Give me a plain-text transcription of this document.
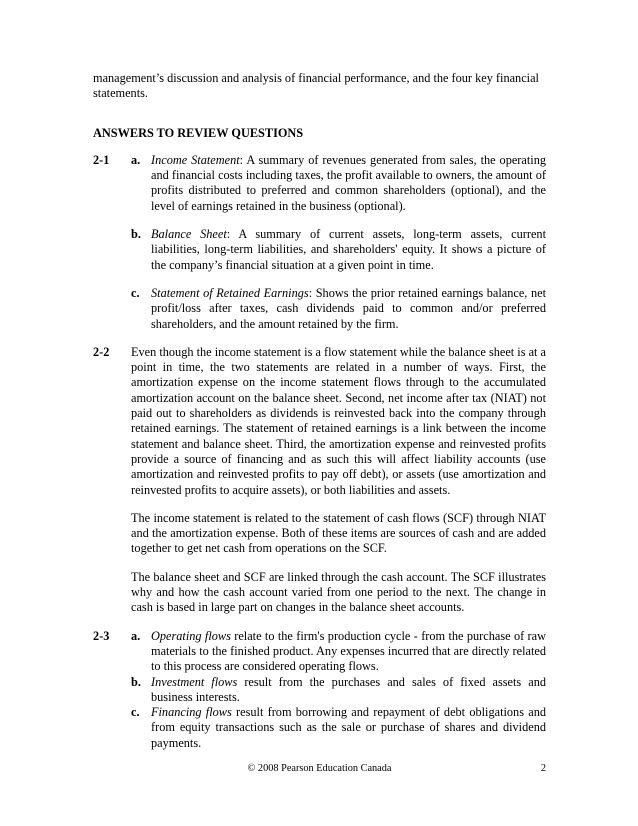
management’s discussion and analysis of financial performance, and the four key financial statements.

ANSWERS TO REVIEW QUESTIONS

2-1	a. Income Statement: A summary of revenues generated from sales, the operating and financial costs including taxes, the profit available to owners, the amount of profits distributed to preferred and common shareholders (optional), and the level of earnings retained in the business (optional).
b. Balance Sheet: A summary of current assets, long-term assets, current liabilities, long-term liabilities, and shareholders' equity. It shows a picture of the company’s financial situation at a given point in time.
c. Statement of Retained Earnings: Shows the prior retained earnings balance, net profit/loss after taxes, cash dividends paid to common and/or preferred shareholders, and the amount retained by the firm.
2-2	Even though the income statement is a flow statement while the balance sheet is at a point in time, the two statements are related in a number of ways. First, the amortization expense on the income statement flows through to the accumulated amortization account on the balance sheet. Second, net income after tax (NIAT) not paid out to shareholders as dividends is reinvested back into the company through retained earnings. The statement of retained earnings is a link between the income statement and balance sheet. Third, the amortization expense and reinvested profits provide a source of financing and as such this will affect liability accounts (use amortization and reinvested profits to pay off debt), or assets (use amortization and reinvested profits to acquire assets), or both liabilities and assets.

The income statement is related to the statement of cash flows (SCF) through NIAT and the amortization expense. Both of these items are sources of cash and are added together to get net cash from operations on the SCF.

The balance sheet and SCF are linked through the cash account. The SCF illustrates why and how the cash account varied from one period to the next. The change in cash is based in large part on changes in the balance sheet accounts.

2-3	a. Operating flows relate to the firm's production cycle - from the purchase of raw materials to the finished product. Any expenses incurred that are directly related to this process are considered operating flows.
b. Investment flows result from the purchases and sales of fixed assets and business interests.
c. Financing flows result from borrowing and repayment of debt obligations and from equity transactions such as the sale or purchase of shares and dividend payments.
© 2008 Pearson Education Canada	2
